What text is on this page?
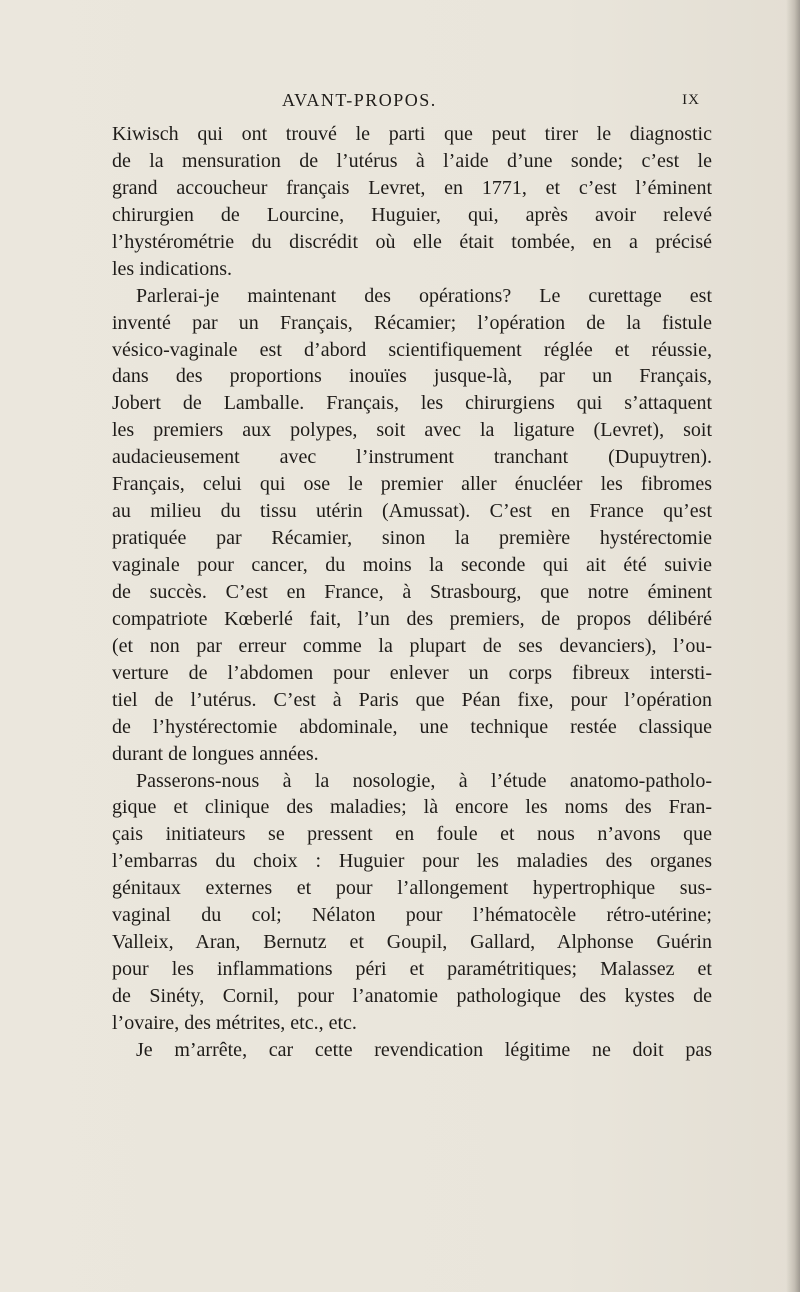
AVANT-PROPOS.	IX
Kiwisch qui ont trouvé le parti que peut tirer le diagnostic
de la mensuration de l’utérus à l’aide d’une sonde; c’est le
grand accoucheur français Levret, en 1771, et c’est l’éminent
chirurgien de Lourcine, Huguier, qui, après avoir relevé
l’hystérométrie du discrédit où elle était tombée, en a précisé
les indications.
Parlerai-je maintenant des opérations? Le curettage est
inventé par un Français, Récamier; l’opération de la fistule
vésico-vaginale est d’abord scientifiquement réglée et réussie,
dans des proportions inouïes jusque-là, par un Français,
Jobert de Lamballe. Français, les chirurgiens qui s’attaquent
les premiers aux polypes, soit avec la ligature (Levret), soit
audacieusement avec l’instrument tranchant (Dupuytren).
Français, celui qui ose le premier aller énucléer les fibromes
au milieu du tissu utérin (Amussat). C’est en France qu’est
pratiquée par Récamier, sinon la première hystérectomie
vaginale pour cancer, du moins la seconde qui ait été suivie
de succès. C’est en France, à Strasbourg, que notre éminent
compatriote Kœberlé fait, l’un des premiers, de propos délibéré
(et non par erreur comme la plupart de ses devanciers), l’ou-
verture de l’abdomen pour enlever un corps fibreux intersti-
tiel de l’utérus. C’est à Paris que Péan fixe, pour l’opération
de l’hystérectomie abdominale, une technique restée classique
durant de longues années.
Passerons-nous à la nosologie, à l’étude anatomo-patholo-
gique et clinique des maladies; là encore les noms des Fran-
çais initiateurs se pressent en foule et nous n’avons que
l’embarras du choix : Huguier pour les maladies des organes
génitaux externes et pour l’allongement hypertrophique sus-
vaginal du col; Nélaton pour l’hématocèle rétro-utérine;
Valleix, Aran, Bernutz et Goupil, Gallard, Alphonse Guérin
pour les inflammations péri et paramétritiques; Malassez et
de Sinéty, Cornil, pour l’anatomie pathologique des kystes de
l’ovaire, des métrites, etc., etc.
Je m’arrête, car cette revendication légitime ne doit pas
